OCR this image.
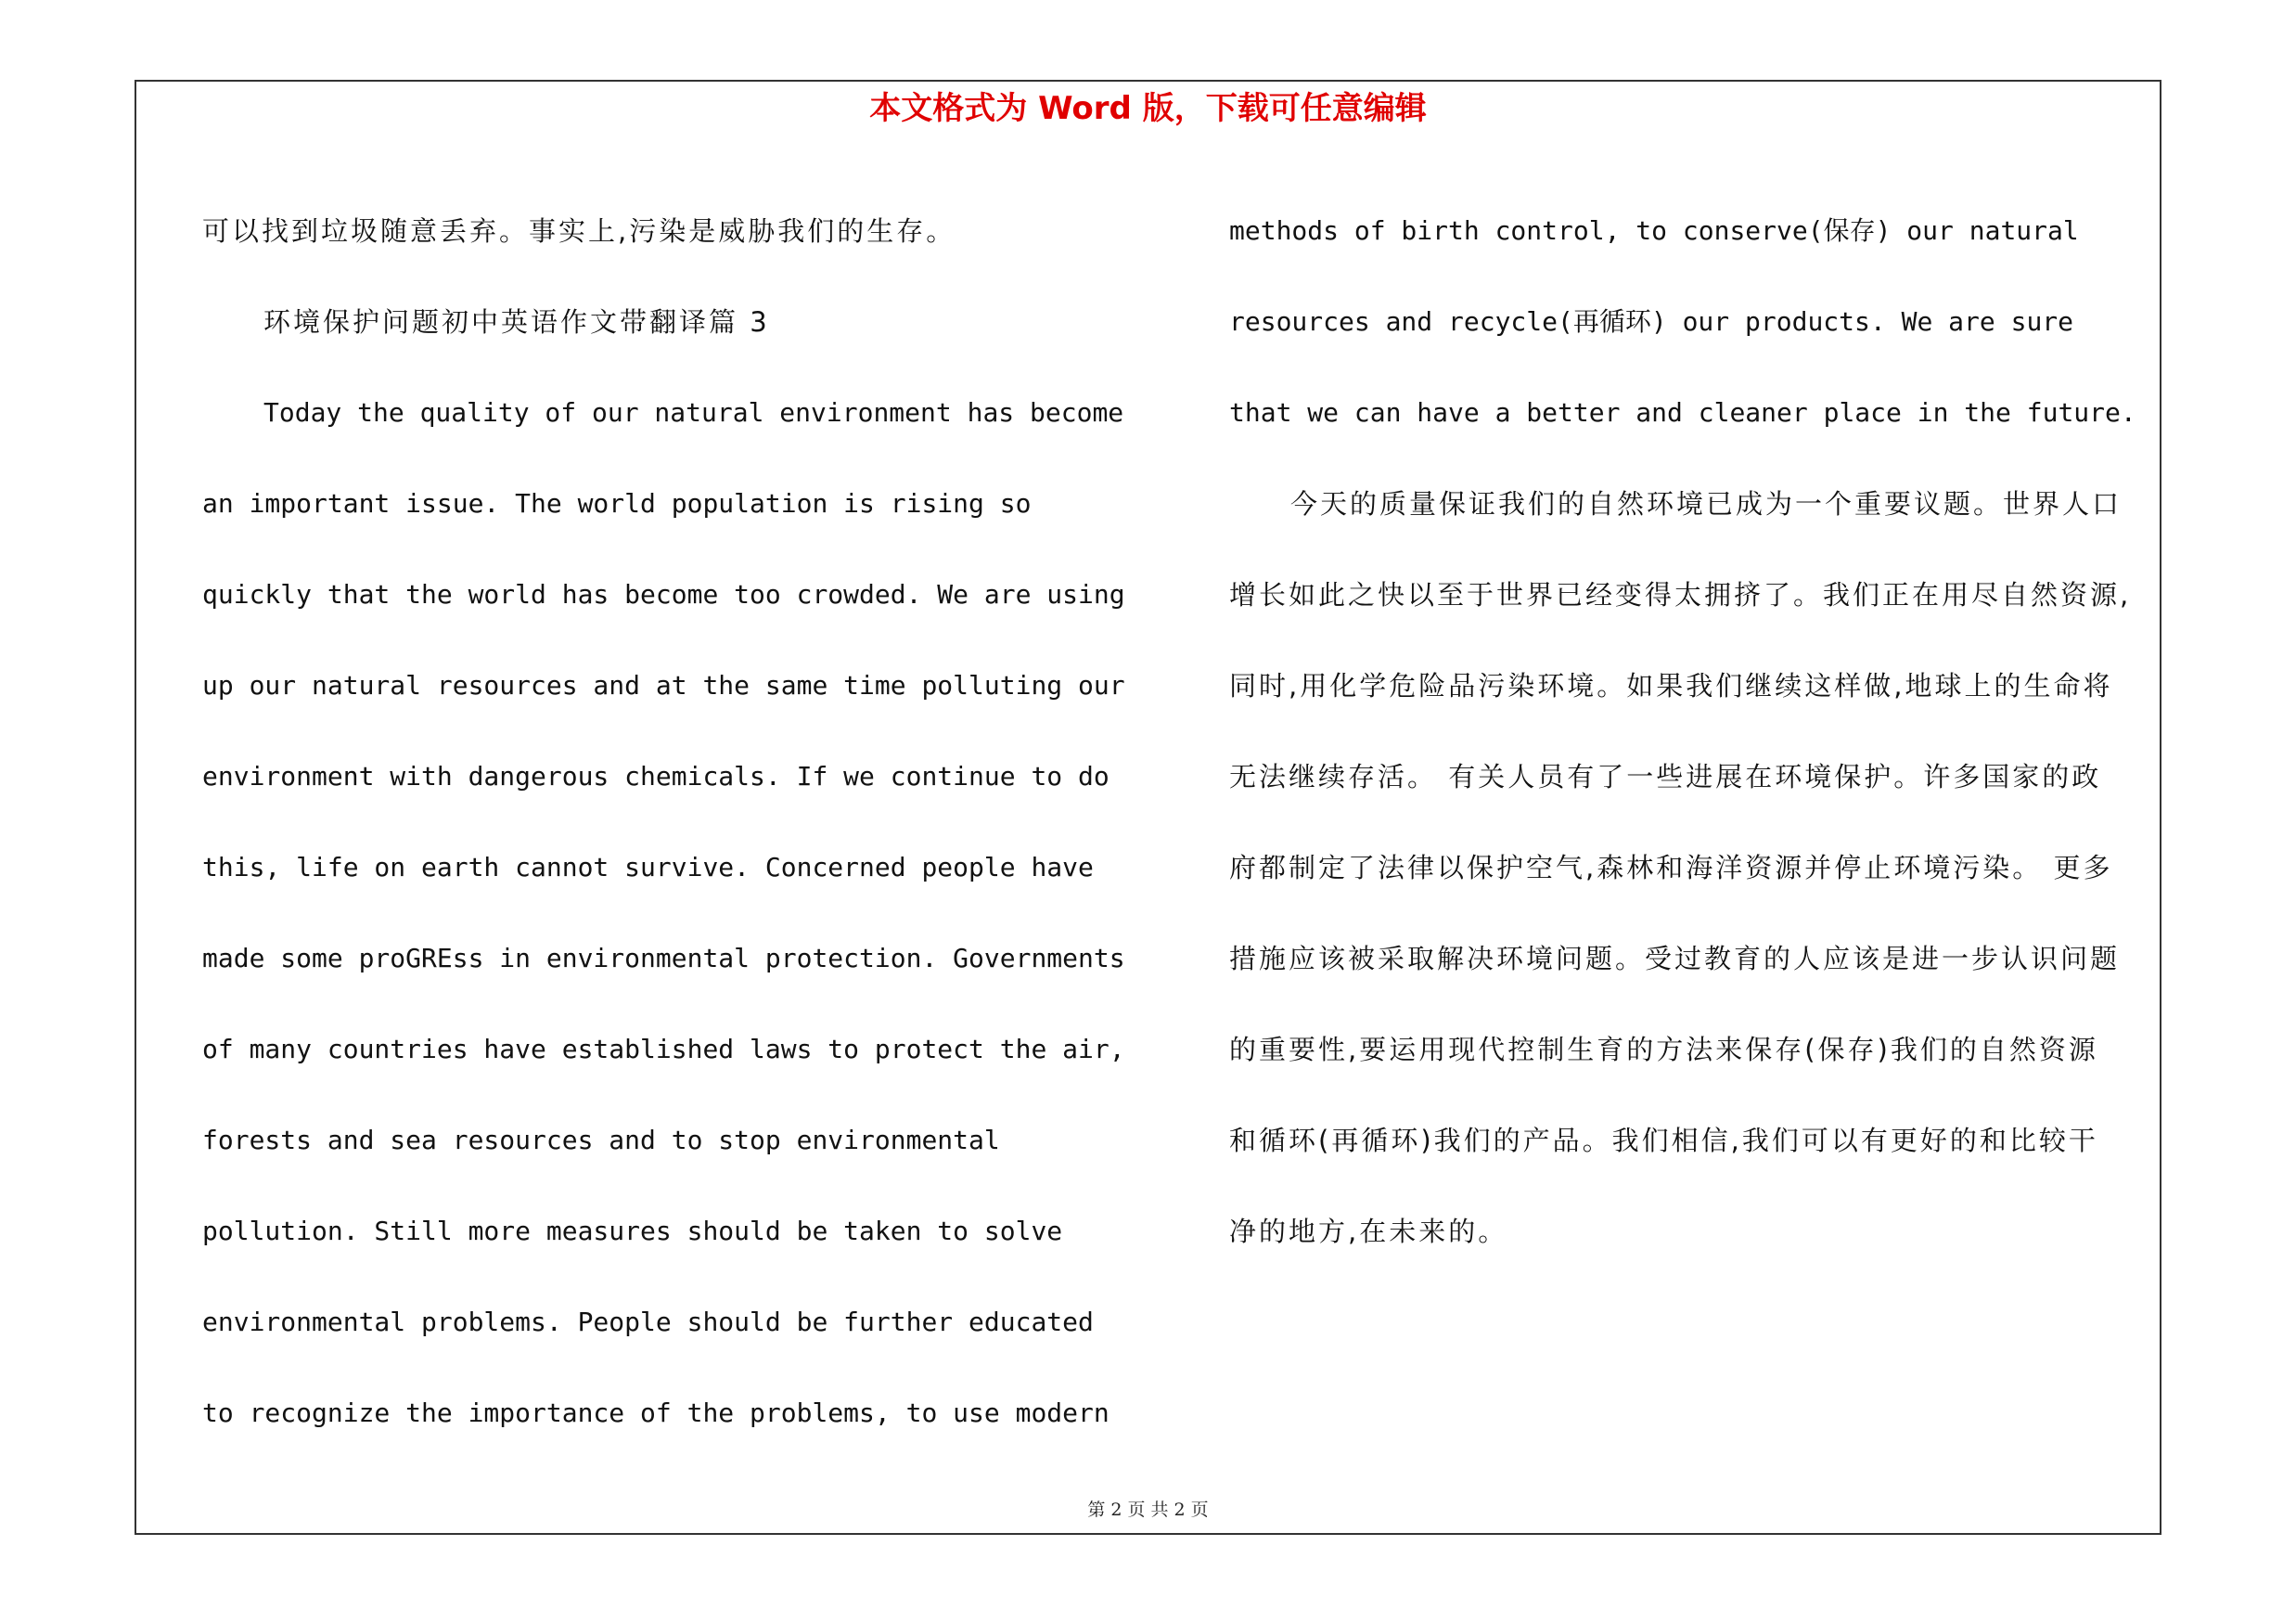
本文格式为 Word 版，下载可任意编辑
可以找到垃圾随意丢弃。事实上,污染是威胁我们的生存。
环境保护问题初中英语作文带翻译篇 3
Today the quality of our natural environment has become
an important issue. The world population is rising so
quickly that the world has become too crowded. We are using
up our natural resources and at the same time polluting our
environment with dangerous chemicals. If we continue to do
this, life on earth cannot survive. Concerned people have
made some proGREss in environmental protection. Governments
of many countries have established laws to protect the air,
forests and sea resources and to stop environmental
pollution. Still more measures should be taken to solve
environmental problems. People should be further educated
to recognize the importance of the problems, to use modern
methods of birth control, to conserve(保存) our natural
resources and recycle(再循环) our products. We are sure
that we can have a better and cleaner place in the future.
今天的质量保证我们的自然环境已成为一个重要议题。世界人口
增长如此之快以至于世界已经变得太拥挤了。我们正在用尽自然资源,
同时,用化学危险品污染环境。如果我们继续这样做,地球上的生命将
无法继续存活。 有关人员有了一些进展在环境保护。许多国家的政
府都制定了法律以保护空气,森林和海洋资源并停止环境污染。 更多
措施应该被采取解决环境问题。受过教育的人应该是进一步认识问题
的重要性,要运用现代控制生育的方法来保存(保存)我们的自然资源
和循环(再循环)我们的产品。我们相信,我们可以有更好的和比较干
净的地方,在未来的。
第 2 页 共 2 页
